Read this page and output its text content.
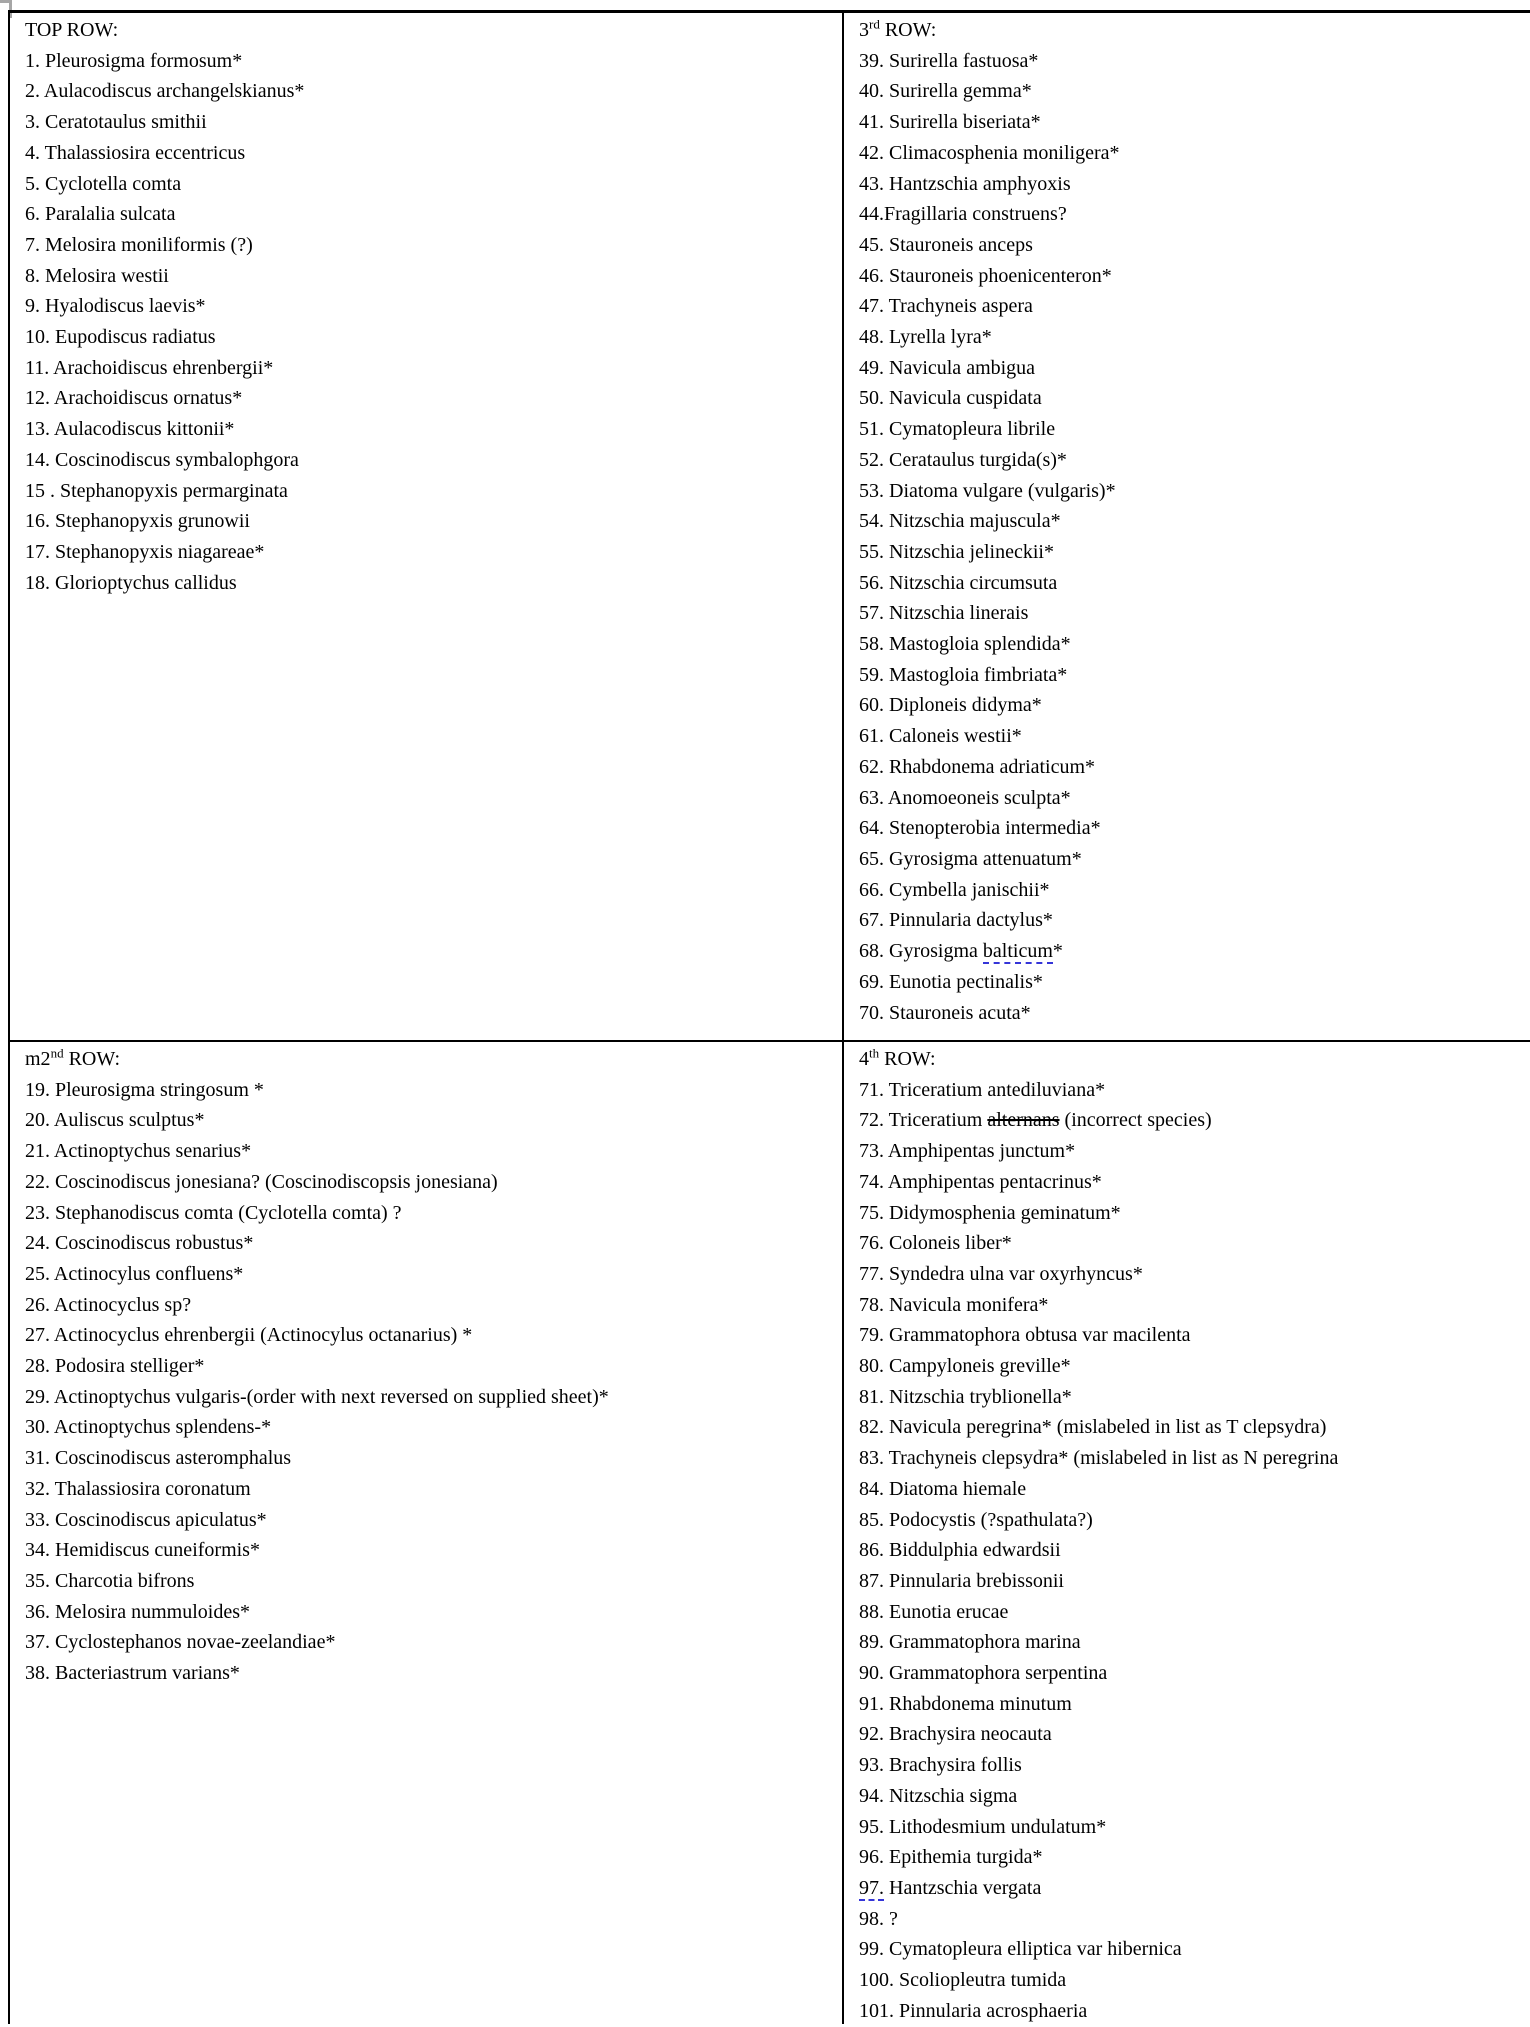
TOP ROW:
1. Pleurosigma formosum*
2. Aulacodiscus archangelskianus*
3. Ceratotaulus smithii
4. Thalassiosira eccentricus
5. Cyclotella comta
6. Paralalia sulcata
7. Melosira moniliformis (?)
8. Melosira westii
9. Hyalodiscus laevis*
10. Eupodiscus radiatus
11. Arachoidiscus ehrenbergii*
12. Arachoidiscus ornatus*
13. Aulacodiscus kittonii*
14. Coscinodiscus symbalophgora
15 . Stephanopyxis permarginata
16. Stephanopyxis grunowii
17. Stephanopyxis niagareae*
18. Glorioptychus callidus
3rd ROW:
39. Surirella fastuosa*
40. Surirella gemma*
41. Surirella biseriata*
42. Climacosphenia moniligera*
43. Hantzschia amphyoxis
44.Fragillaria construens?
45. Stauroneis anceps
46. Stauroneis phoenicenteron*
47. Trachyneis aspera
48. Lyrella lyra*
49. Navicula ambigua
50. Navicula cuspidata
51. Cymatopleura librile
52. Cerataulus turgida(s)*
53. Diatoma vulgare (vulgaris)*
54. Nitzschia majuscula*
55. Nitzschia jelineckii*
56. Nitzschia circumsuta
57. Nitzschia linerais
58. Mastogloia splendida*
59. Mastogloia fimbriata*
60. Diploneis didyma*
61. Caloneis westii*
62. Rhabdonema adriaticum*
63. Anomoeoneis sculpta*
64. Stenopterobia intermedia*
65. Gyrosigma attenuatum*
66. Cymbella janischii*
67. Pinnularia dactylus*
68. Gyrosigma balticum*
69. Eunotia pectinalis*
70. Stauroneis acuta*
m2nd ROW:
19. Pleurosigma stringosum *
20. Auliscus sculptus*
21. Actinoptychus senarius*
22. Coscinodiscus jonesiana? (Coscinodiscopsis jonesiana)
23. Stephanodiscus comta (Cyclotella comta) ?
24. Coscinodiscus robustus*
25. Actinocylus confluens*
26. Actinocyclus sp?
27. Actinocyclus ehrenbergii (Actinocylus octanarius) *
28. Podosira stelliger*
29. Actinoptychus vulgaris-(order with next reversed on supplied sheet)*
30. Actinoptychus splendens-*
31. Coscinodiscus asteromphalus
32. Thalassiosira coronatum
33. Coscinodiscus apiculatus*
34. Hemidiscus cuneiformis*
35. Charcotia bifrons
36. Melosira nummuloides*
37. Cyclostephanos novae-zeelandiae*
38. Bacteriastrum varians*
4th ROW:
71. Triceratium antediluviana*
72. Triceratium alternans (incorrect species)
73. Amphipentas junctum*
74. Amphipentas pentacrinus*
75. Didymosphenia geminatum*
76. Coloneis liber*
77. Syndedra ulna var oxyrhyncus*
78. Navicula monifera*
79. Grammatophora obtusa var macilenta
80. Campyloneis greville*
81. Nitzschia tryblionella*
82. Navicula peregrina* (mislabeled in list as T clepsydra)
83. Trachyneis clepsydra* (mislabeled in list as N peregrina
84. Diatoma hiemale
85. Podocystis (?spathulata?)
86. Biddulphia edwardsii
87. Pinnularia brebissonii
88. Eunotia erucae
89. Grammatophora marina
90. Grammatophora serpentina
91. Rhabdonema minutum
92. Brachysira neocauta
93. Brachysira follis
94. Nitzschia sigma
95. Lithodesmium undulatum*
96. Epithemia turgida*
97. Hantzschia vergata
98. ?
99. Cymatopleura elliptica var hibernica
100. Scoliopleutra tumida
101. Pinnularia acrosphaeria
